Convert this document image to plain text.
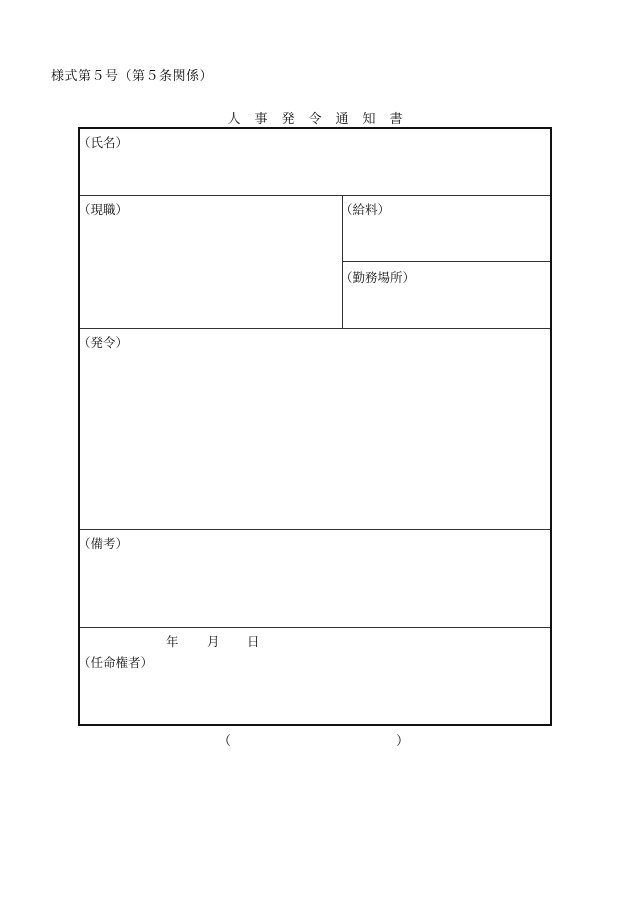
様式第５号（第５条関係）
人事発令通知書
（氏名）
（現職）	（給料）
（勤務場所）
（発令）
（備考）
年 月 日
（任命権者）
（	）
